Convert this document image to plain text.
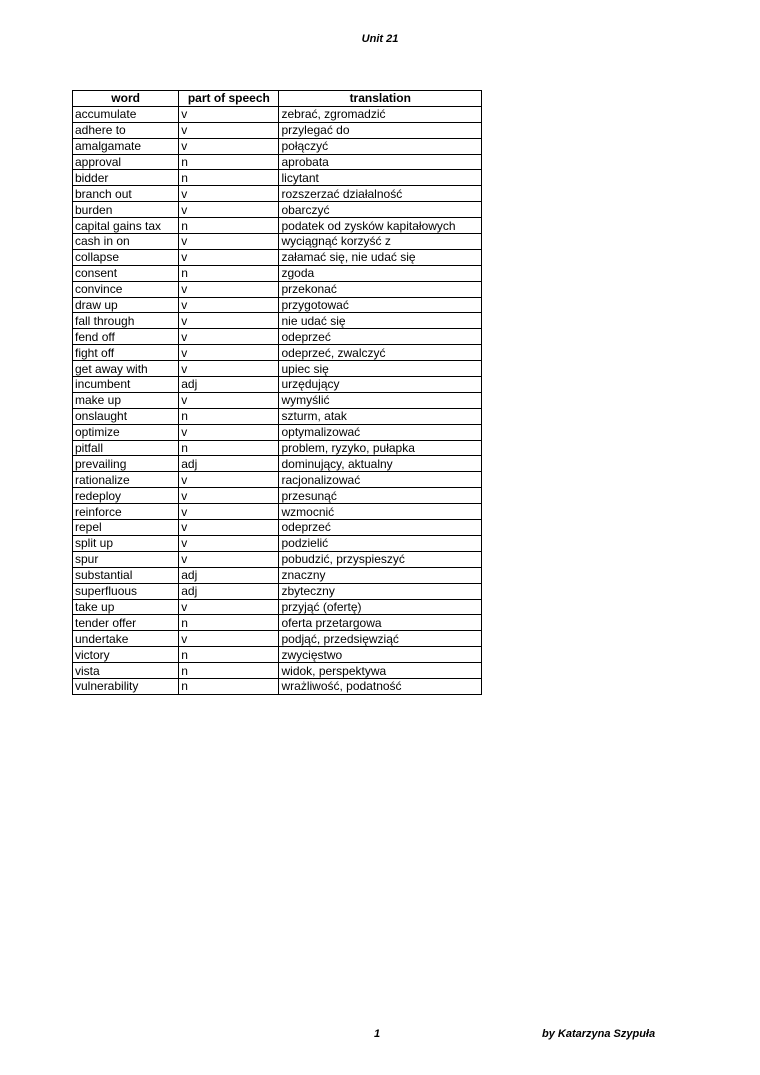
Unit 21
word	part of speech	translation
accumulate	v	zebrać, zgromadzić
adhere to	v	przylegać do
amalgamate	v	połączyć
approval	n	aprobata
bidder	n	licytant
branch out	v	rozszerzać działalność
burden	v	obarczyć
capital gains tax	n	podatek od zysków kapitałowych
cash in on	v	wyciągnąć korzyść z
collapse	v	załamać się, nie udać się
consent	n	zgoda
convince	v	przekonać
draw up	v	przygotować
fall through	v	nie udać się
fend off	v	odeprzeć
fight off	v	odeprzeć, zwalczyć
get away with	v	upiec się
incumbent	adj	urzędujący
make up	v	wymyślić
onslaught	n	szturm, atak
optimize	v	optymalizować
pitfall	n	problem, ryzyko, pułapka
prevailing	adj	dominujący, aktualny
rationalize	v	racjonalizować
redeploy	v	przesunąć
reinforce	v	wzmocnić
repel	v	odeprzeć
split up	v	podzielić
spur	v	pobudzić, przyspieszyć
substantial	adj	znaczny
superfluous	adj	zbyteczny
take up	v	przyjąć (ofertę)
tender offer	n	oferta przetargowa
undertake	v	podjąć, przedsięwziąć
victory	n	zwycięstwo
vista	n	widok, perspektywa
vulnerability	n	wrażliwość, podatność
1	by Katarzyna Szypuła
